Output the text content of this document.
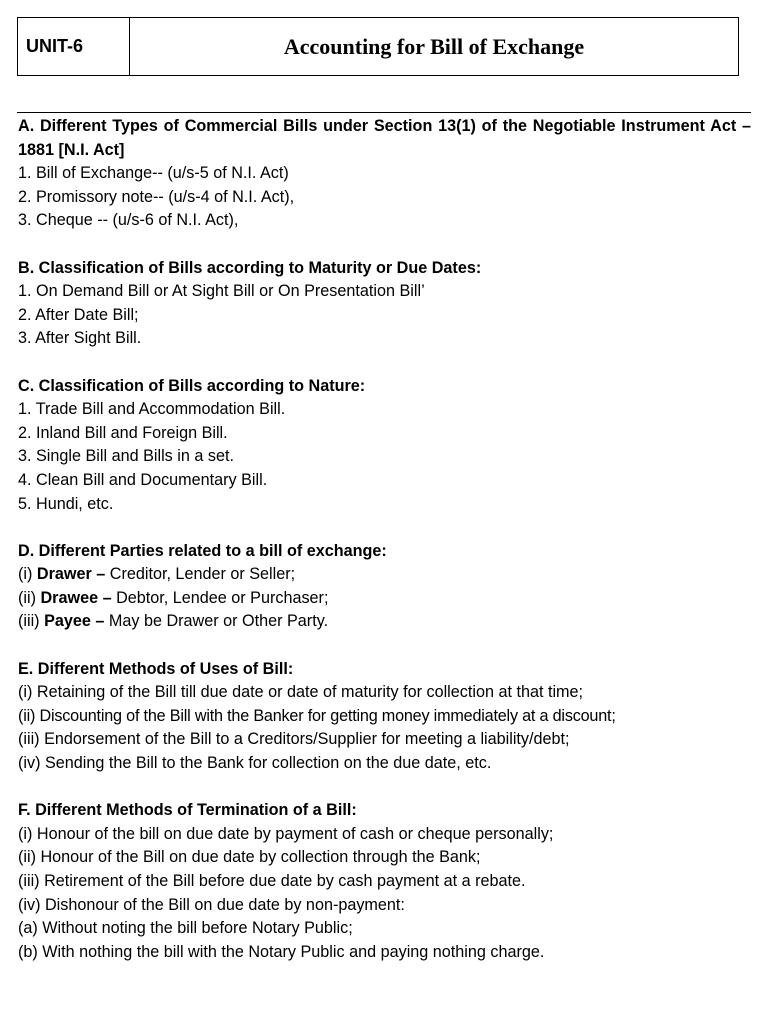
UNIT-6	Accounting for Bill of Exchange
A. Different Types of Commercial Bills under Section 13(1) of the Negotiable Instrument Act – 1881 [N.I. Act]
1. Bill of Exchange-- (u/s-5 of N.I. Act)
2. Promissory note-- (u/s-4 of N.I. Act),
3. Cheque -- (u/s-6 of N.I. Act),
B. Classification of Bills according to Maturity or Due Dates:
1. On Demand Bill or At Sight Bill or On Presentation Bill’
2. After Date Bill;
3. After Sight Bill.
C. Classification of Bills according to Nature:
1. Trade Bill and Accommodation Bill.
2. Inland Bill and Foreign Bill.
3. Single Bill and Bills in a set.
4. Clean Bill and Documentary Bill.
5. Hundi, etc.
D. Different Parties related to a bill of exchange:
(i) Drawer – Creditor, Lender or Seller;
(ii) Drawee – Debtor, Lendee or Purchaser;
(iii) Payee – May be Drawer or Other Party.
E. Different Methods of Uses of Bill:
(i) Retaining of the Bill till due date or date of maturity for collection at that time;
(ii) Discounting of the Bill with the Banker for getting money immediately at a discount;
(iii) Endorsement of the Bill to a Creditors/Supplier for meeting a liability/debt;
(iv) Sending the Bill to the Bank for collection on the due date, etc.
F. Different Methods of Termination of a Bill:
(i) Honour of the bill on due date by payment of cash or cheque personally;
(ii) Honour of the Bill on due date by collection through the Bank;
(iii) Retirement of the Bill before due date by cash payment at a rebate.
(iv) Dishonour of the Bill on due date by non-payment:
(a) Without noting the bill before Notary Public;
(b) With nothing the bill with the Notary Public and paying nothing charge.
